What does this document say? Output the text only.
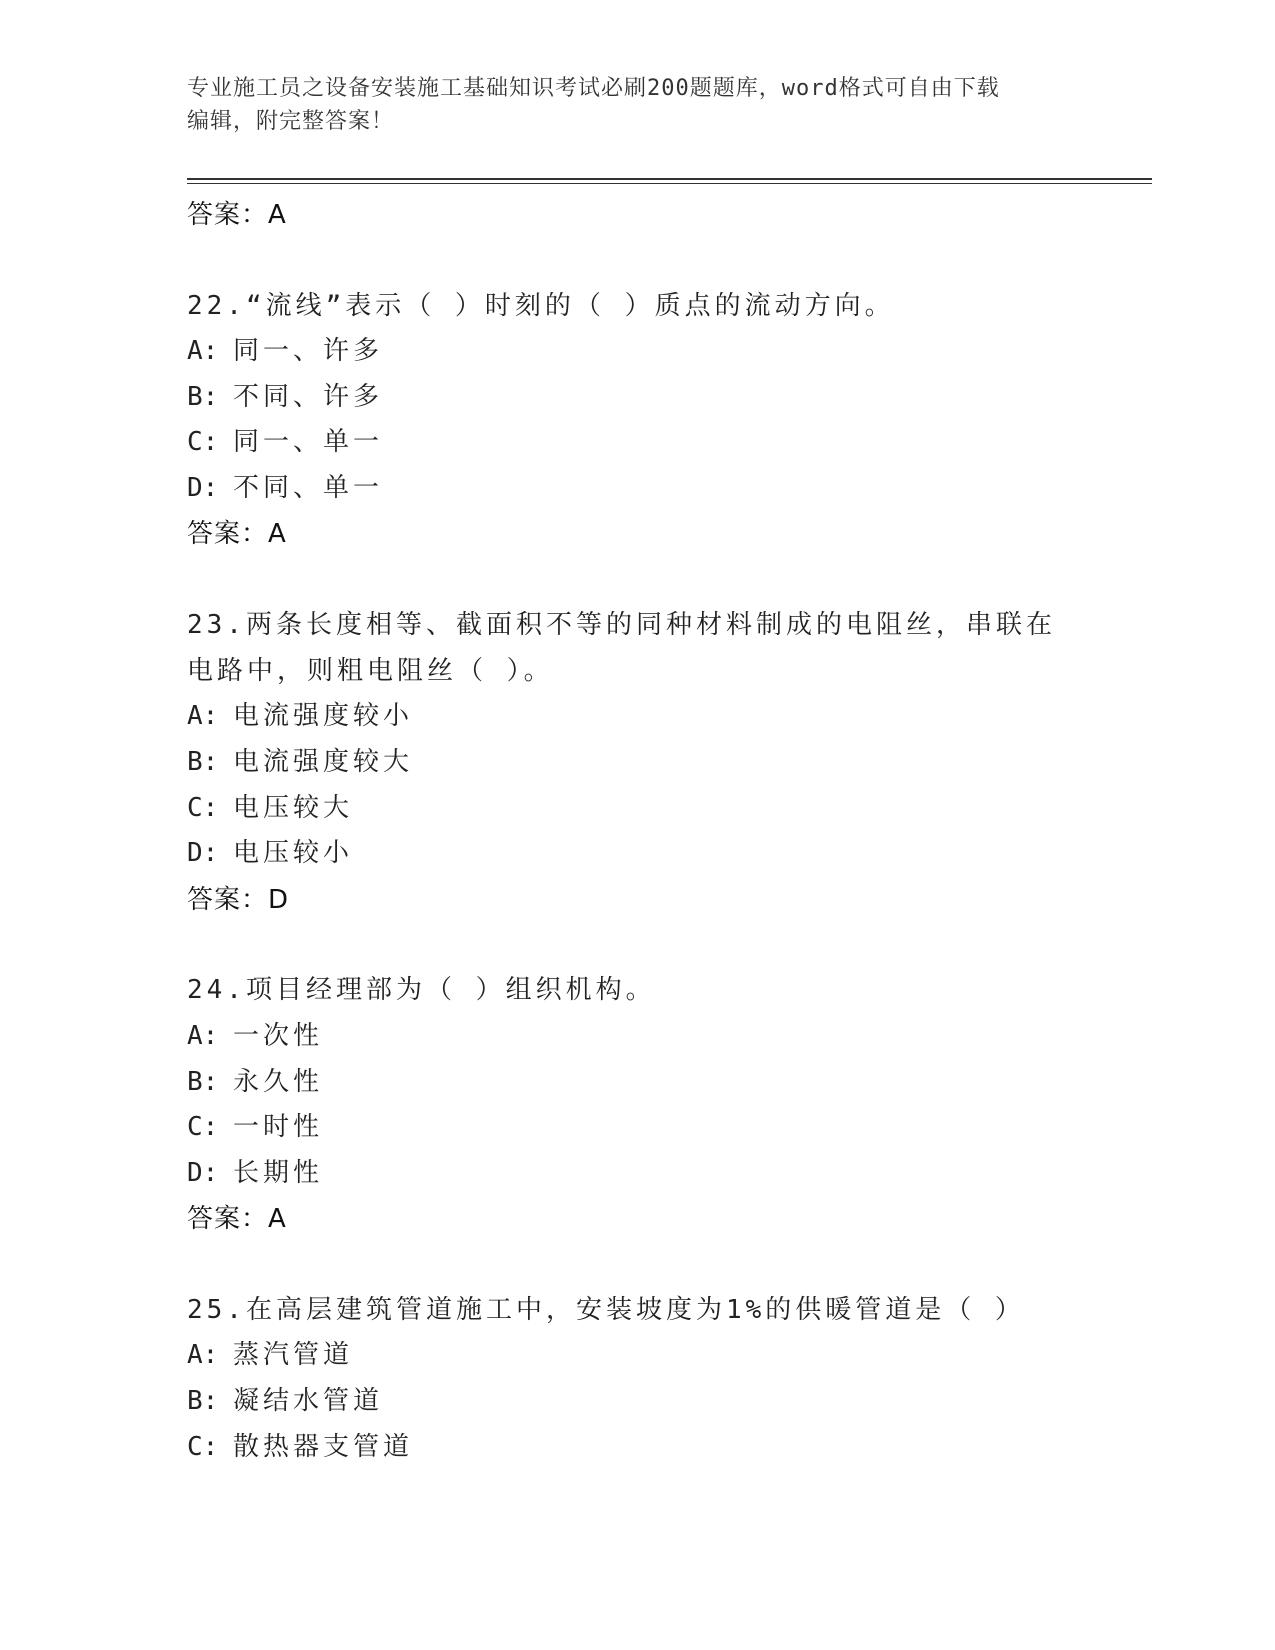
专业施工员之设备安装施工基础知识考试必刷200题题库，word格式可自由下载
编辑，附完整答案！
答案： A
22.“流线”表示（ ）时刻的（ ）质点的流动方向。
A: 同一、许多
B: 不同、许多
C: 同一、单一
D: 不同、单一
答案： A
23.两条长度相等、截面积不等的同种材料制成的电阻丝，串联在电路中，则粗电阻丝（ ）。
A: 电流强度较小
B: 电流强度较大
C: 电压较大
D: 电压较小
答案： D
24.项目经理部为（ ）组织机构。
A: 一次性
B: 永久性
C: 一时性
D: 长期性
答案： A
25.在高层建筑管道施工中，安装坡度为1%的供暖管道是（ ）
A: 蒸汽管道
B: 凝结水管道
C: 散热器支管道
